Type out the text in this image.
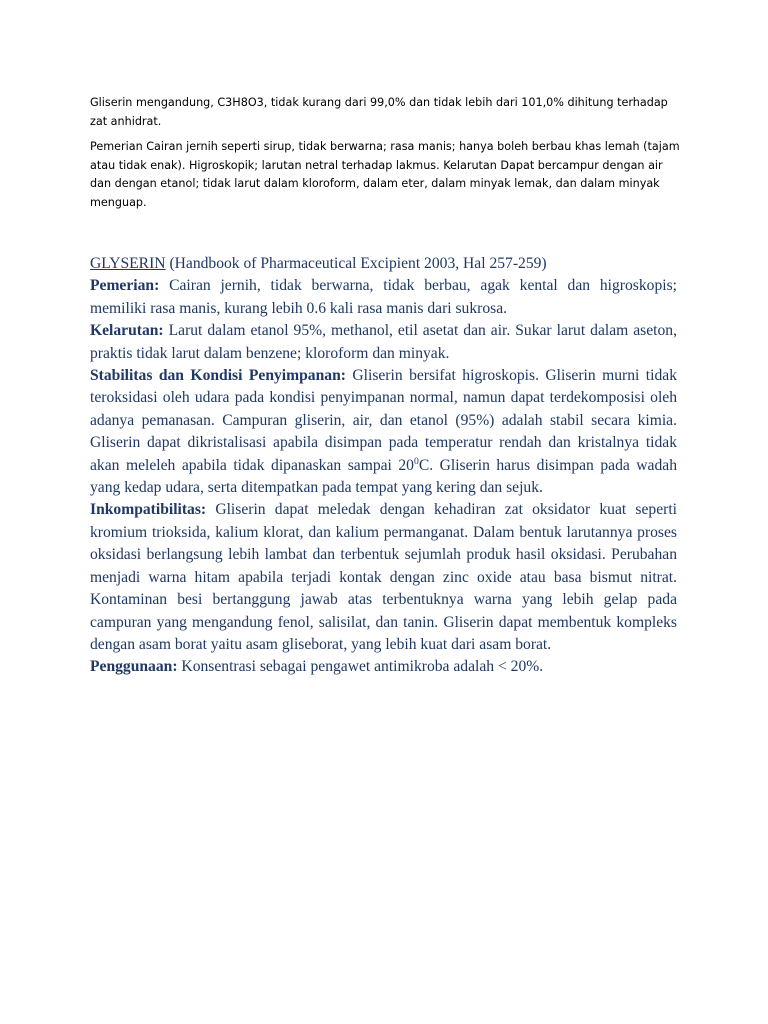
Gliserin mengandung, C3H8O3, tidak kurang dari 99,0% dan tidak lebih dari 101,0% dihitung terhadap zat anhidrat.

Pemerian Cairan jernih seperti sirup, tidak berwarna; rasa manis; hanya boleh berbau khas lemah (tajam atau tidak enak). Higroskopik; larutan netral terhadap lakmus. Kelarutan Dapat bercampur dengan air dan dengan etanol; tidak larut dalam kloroform, dalam eter, dalam minyak lemak, dan dalam minyak menguap.

GLYSERIN (Handbook of Pharmaceutical Excipient 2003, Hal 257-259)

Pemerian: Cairan jernih, tidak berwarna, tidak berbau, agak kental dan higroskopis; memiliki rasa manis, kurang lebih 0.6 kali rasa manis dari sukrosa.

Kelarutan: Larut dalam etanol 95%, methanol, etil asetat dan air. Sukar larut dalam aseton, praktis tidak larut dalam benzene; kloroform dan minyak.

Stabilitas dan Kondisi Penyimpanan: Gliserin bersifat higroskopis. Gliserin murni tidak teroksidasi oleh udara pada kondisi penyimpanan normal, namun dapat terdekomposisi oleh adanya pemanasan. Campuran gliserin, air, dan etanol (95%) adalah stabil secara kimia. Gliserin dapat dikristalisasi apabila disimpan pada temperatur rendah dan kristalnya tidak akan meleleh apabila tidak dipanaskan sampai $20^0C$. Gliserin harus disimpan pada wadah yang kedap udara, serta ditempatkan pada tempat yang kering dan sejuk.

Inkompatibilitas: Gliserin dapat meledak dengan kehadiran zat oksidator kuat seperti kromium trioksida, kalium klorat, dan kalium permanganat. Dalam bentuk larutannya proses oksidasi berlangsung lebih lambat dan terbentuk sejumlah produk hasil oksidasi. Perubahan menjadi warna hitam apabila terjadi kontak dengan zinc oxide atau basa bismut nitrat. Kontaminan besi bertanggung jawab atas terbentuknya warna yang lebih gelap pada campuran yang mengandung fenol, salisilat, dan tanin. Gliserin dapat membentuk kompleks dengan asam borat yaitu asam gliseborat, yang lebih kuat dari asam borat.

Penggunaan: Konsentrasi sebagai pengawet antimikroba adalah < 20%.
